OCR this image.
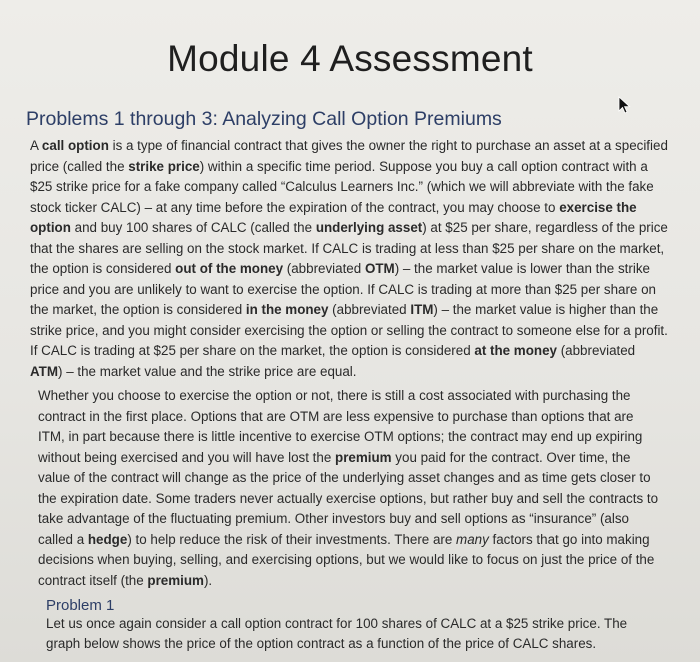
Module 4 Assessment
Problems 1 through 3: Analyzing Call Option Premiums

A call option is a type of financial contract that gives the owner the right to purchase an asset at a specified price (called the strike price) within a specific time period. Suppose you buy a call option contract with a $25 strike price for a fake company called “Calculus Learners Inc.” (which we will abbreviate with the fake stock ticker CALC) – at any time before the expiration of the contract, you may choose to exercise the option and buy 100 shares of CALC (called the underlying asset) at $25 per share, regardless of the price that the shares are selling on the stock market. If CALC is trading at less than $25 per share on the market, the option is considered out of the money (abbreviated OTM) – the market value is lower than the strike price and you are unlikely to want to exercise the option. If CALC is trading at more than $25 per share on the market, the option is considered in the money (abbreviated ITM) – the market value is higher than the strike price, and you might consider exercising the option or selling the contract to someone else for a profit. If CALC is trading at $25 per share on the market, the option is considered at the money (abbreviated ATM) – the market value and the strike price are equal.

Whether you choose to exercise the option or not, there is still a cost associated with purchasing the contract in the first place. Options that are OTM are less expensive to purchase than options that are ITM, in part because there is little incentive to exercise OTM options; the contract may end up expiring without being exercised and you will have lost the premium you paid for the contract. Over time, the value of the contract will change as the price of the underlying asset changes and as time gets closer to the expiration date. Some traders never actually exercise options, but rather buy and sell the contracts to take advantage of the fluctuating premium. Other investors buy and sell options as “insurance” (also called a hedge) to help reduce the risk of their investments. There are many factors that go into making decisions when buying, selling, and exercising options, but we would like to focus on just the price of the contract itself (the premium).

Problem 1

Let us once again consider a call option contract for 100 shares of CALC at a $25 strike price. The graph below shows the price of the option contract as a function of the price of CALC shares.
